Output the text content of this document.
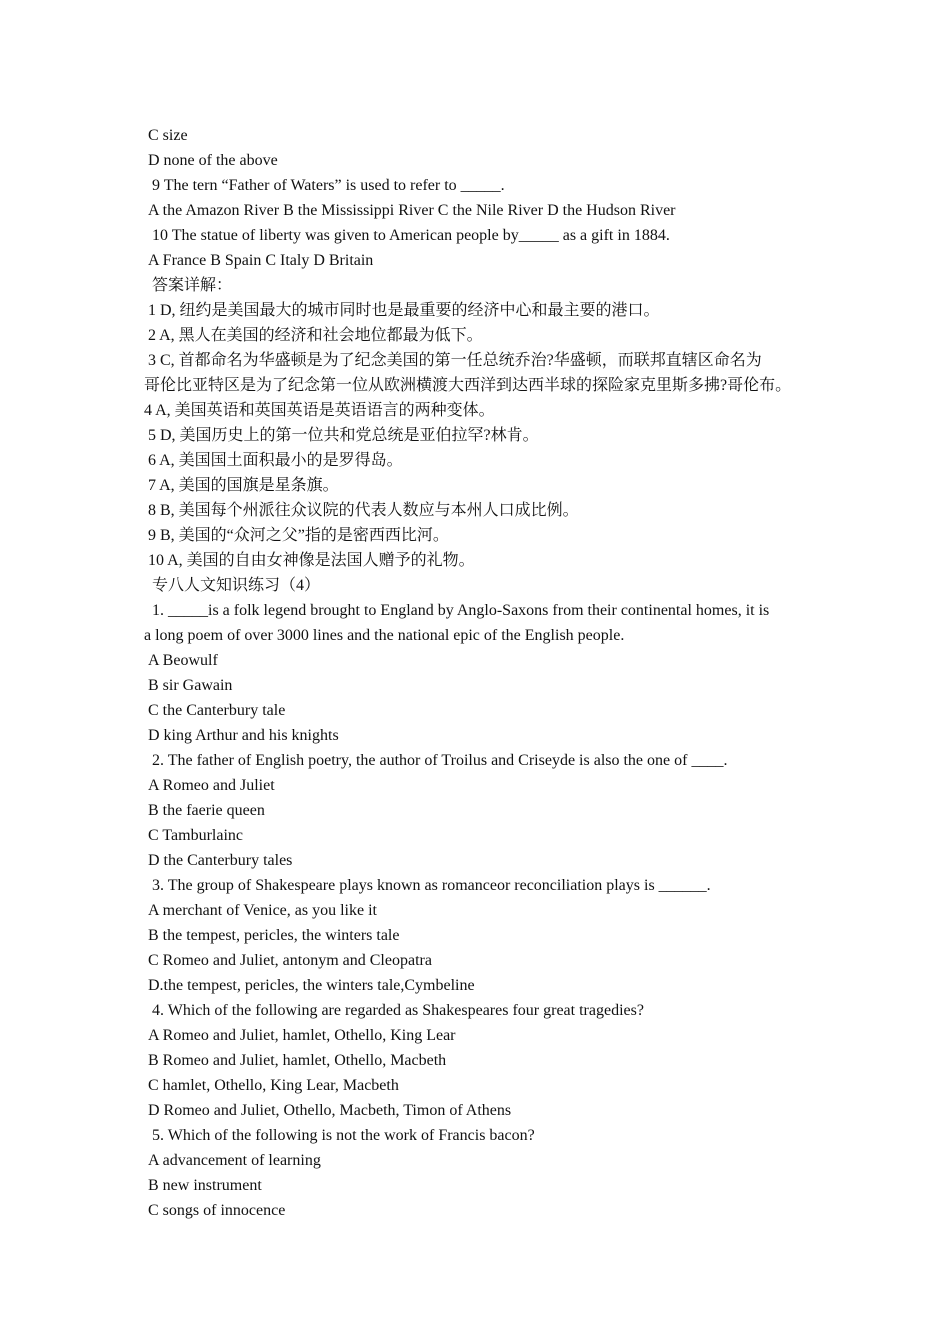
C size
D none of the above
9 The tern “Father of Waters” is used to refer to _____.
A the Amazon River B the Mississippi River C the Nile River D the Hudson River
10 The statue of liberty was given to American people by_____ as a gift in 1884.
A France B Spain C Italy D Britain
答案详解：
1 D, 纽约是美国最大的城市同时也是最重要的经济中心和最主要的港口。
2 A, 黑人在美国的经济和社会地位都最为低下。
3 C, 首都命名为华盛顿是为了纪念美国的第一任总统乔治?华盛顿，而联邦直辖区命名为
哥伦比亚特区是为了纪念第一位从欧洲横渡大西洋到达西半球的探险家克里斯多拂?哥伦布。
4 A, 美国英语和英国英语是英语语言的两种变体。
5 D, 美国历史上的第一位共和党总统是亚伯拉罕?林肯。
6 A, 美国国土面积最小的是罗得岛。
7 A, 美国的国旗是星条旗。
8 B, 美国每个州派往众议院的代表人数应与本州人口成比例。
9 B, 美国的“众河之父”指的是密西西比河。
10 A, 美国的自由女神像是法国人赠予的礼物。
专八人文知识练习（4）
1. _____is a folk legend brought to England by Anglo-Saxons from their continental homes, it is
a long poem of over 3000 lines and the national epic of the English people.
A Beowulf
B sir Gawain
C the Canterbury tale
D king Arthur and his knights
2. The father of English poetry, the author of Troilus and Criseyde is also the one of ____.
A Romeo and Juliet
B the faerie queen
C Tamburlainc
D the Canterbury tales
3. The group of Shakespeare plays known as romanceor reconciliation plays is ______.
A merchant of Venice, as you like it
B the tempest, pericles, the winters tale
C Romeo and Juliet, antonym and Cleopatra
D.the tempest, pericles, the winters tale,Cymbeline
4. Which of the following are regarded as Shakespeares four great tragedies?
A Romeo and Juliet, hamlet, Othello, King Lear
B Romeo and Juliet, hamlet, Othello, Macbeth
C hamlet, Othello, King Lear, Macbeth
D Romeo and Juliet, Othello, Macbeth, Timon of Athens
5. Which of the following is not the work of Francis bacon?
A advancement of learning
B new instrument
C songs of innocence
